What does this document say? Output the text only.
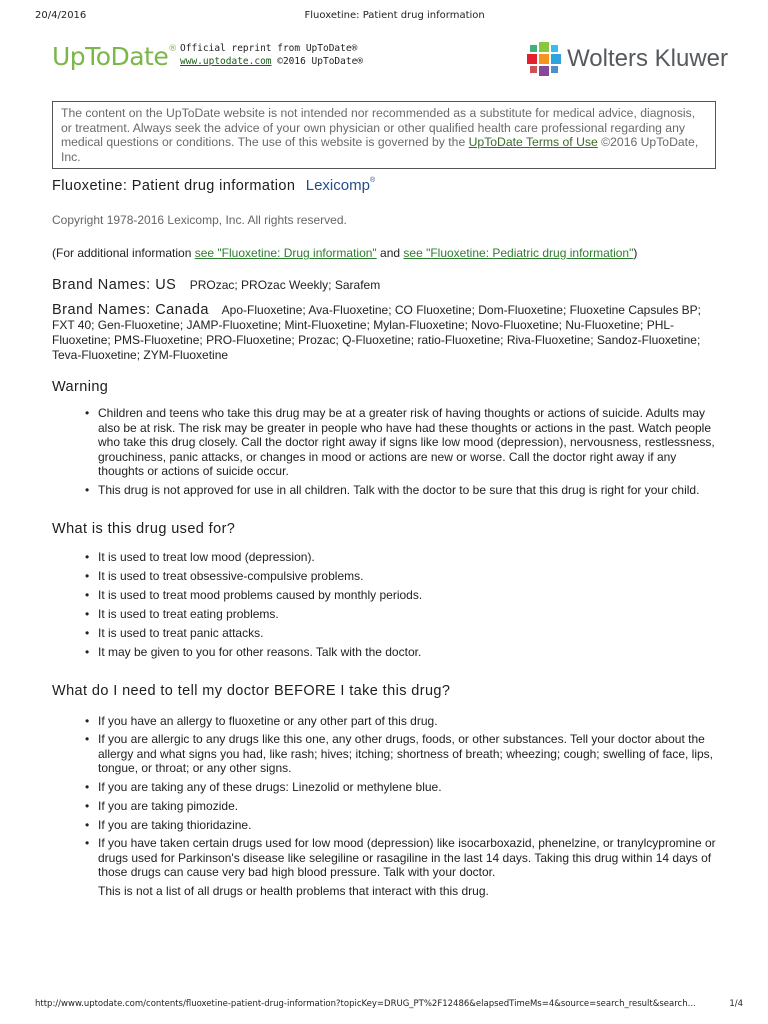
20/4/2016	Fluoxetine: Patient drug information
UpToDate® Official reprint from UpToDate®
www.uptodate.com ©2016 UpToDate®	Wolters Kluwer
The content on the UpToDate website is not intended nor recommended as a substitute for medical advice, diagnosis, or treatment. Always seek the advice of your own physician or other qualified health care professional regarding any medical questions or conditions. The use of this website is governed by the UpToDate Terms of Use ©2016 UpToDate, Inc.
Fluoxetine: Patient drug information Lexicomp®
Copyright 1978-2016 Lexicomp, Inc. All rights reserved.
(For additional information see "Fluoxetine: Drug information" and see "Fluoxetine: Pediatric drug information")
Brand Names: US PROzac; PROzac Weekly; Sarafem
Brand Names: Canada Apo-Fluoxetine; Ava-Fluoxetine; CO Fluoxetine; Dom-Fluoxetine; Fluoxetine Capsules BP; FXT 40; Gen-Fluoxetine; JAMP-Fluoxetine; Mint-Fluoxetine; Mylan-Fluoxetine; Novo-Fluoxetine; Nu-Fluoxetine; PHL-Fluoxetine; PMS-Fluoxetine; PRO-Fluoxetine; Prozac; Q-Fluoxetine; ratio-Fluoxetine; Riva-Fluoxetine; Sandoz-Fluoxetine; Teva-Fluoxetine; ZYM-Fluoxetine
Warning
• Children and teens who take this drug may be at a greater risk of having thoughts or actions of suicide. Adults may also be at risk. The risk may be greater in people who have had these thoughts or actions in the past. Watch people who take this drug closely. Call the doctor right away if signs like low mood (depression), nervousness, restlessness, grouchiness, panic attacks, or changes in mood or actions are new or worse. Call the doctor right away if any thoughts or actions of suicide occur.
• This drug is not approved for use in all children. Talk with the doctor to be sure that this drug is right for your child.
What is this drug used for?
• It is used to treat low mood (depression).
• It is used to treat obsessive-compulsive problems.
• It is used to treat mood problems caused by monthly periods.
• It is used to treat eating problems.
• It is used to treat panic attacks.
• It may be given to you for other reasons. Talk with the doctor.
What do I need to tell my doctor BEFORE I take this drug?
• If you have an allergy to fluoxetine or any other part of this drug.
• If you are allergic to any drugs like this one, any other drugs, foods, or other substances. Tell your doctor about the allergy and what signs you had, like rash; hives; itching; shortness of breath; wheezing; cough; swelling of face, lips, tongue, or throat; or any other signs.
• If you are taking any of these drugs: Linezolid or methylene blue.
• If you are taking pimozide.
• If you are taking thioridazine.
• If you have taken certain drugs used for low mood (depression) like isocarboxazid, phenelzine, or tranylcypromine or drugs used for Parkinson's disease like selegiline or rasagiline in the last 14 days. Taking this drug within 14 days of those drugs can cause very bad high blood pressure. Talk with your doctor.
This is not a list of all drugs or health problems that interact with this drug.
http://www.uptodate.com/contents/fluoxetine-patient-drug-information?topicKey=DRUG_PT%2F12486&elapsedTimeMs=4&source=search_result&search...	1/4
